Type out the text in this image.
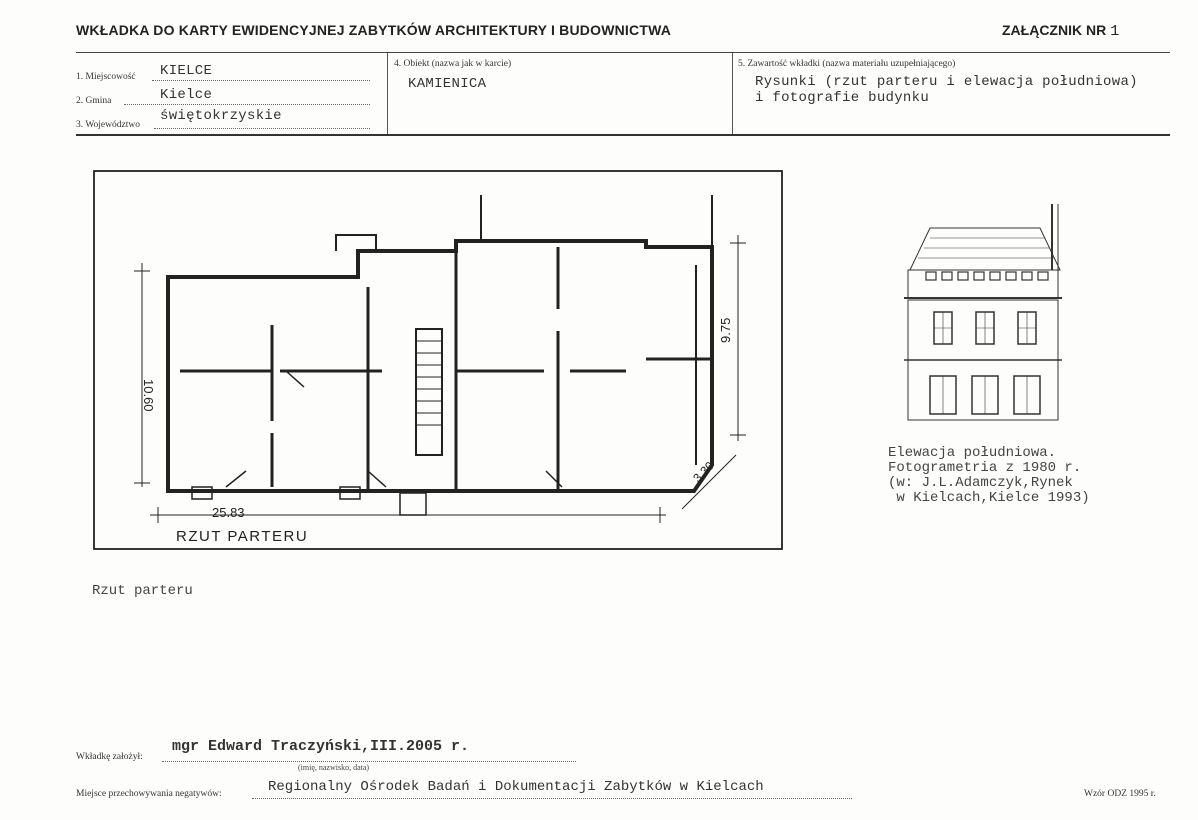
WKŁADKA DO KARTY EWIDENCYJNEJ ZABYTKÓW ARCHITEKTURY I BUDOWNICTWA	ZAŁĄCZNIK NR 1
1. Miejscowość KIELCE
2. Gmina	Kielce
3. Województwo
świętokrzyskie
4. Obiekt (nazwa jak w karcie)
KAMIENICA
5. Zawartość wkładki (nazwa materiału uzupełniającego)
Rysunki (rzut parteru i elewacja południowa)
i fotografie budynku
25.83
10.60
9.75
3.30
RZUT PARTERU
Rzut parteru
Elewacja południowa.
Fotogrametria z 1980 r.
(w: J.L.Adamczyk,Rynek
w Kielcach,Kielce 1993)
Wkładkę założył:
mgr Edward Traczyński,III.2005 r.
(imię, nazwisko, data)
Miejsce przechowywania negatywów:	Regionalny Ośrodek Badań i Dokumentacji Zabytków w Kielcach	Wzór ODZ 1995 r.
